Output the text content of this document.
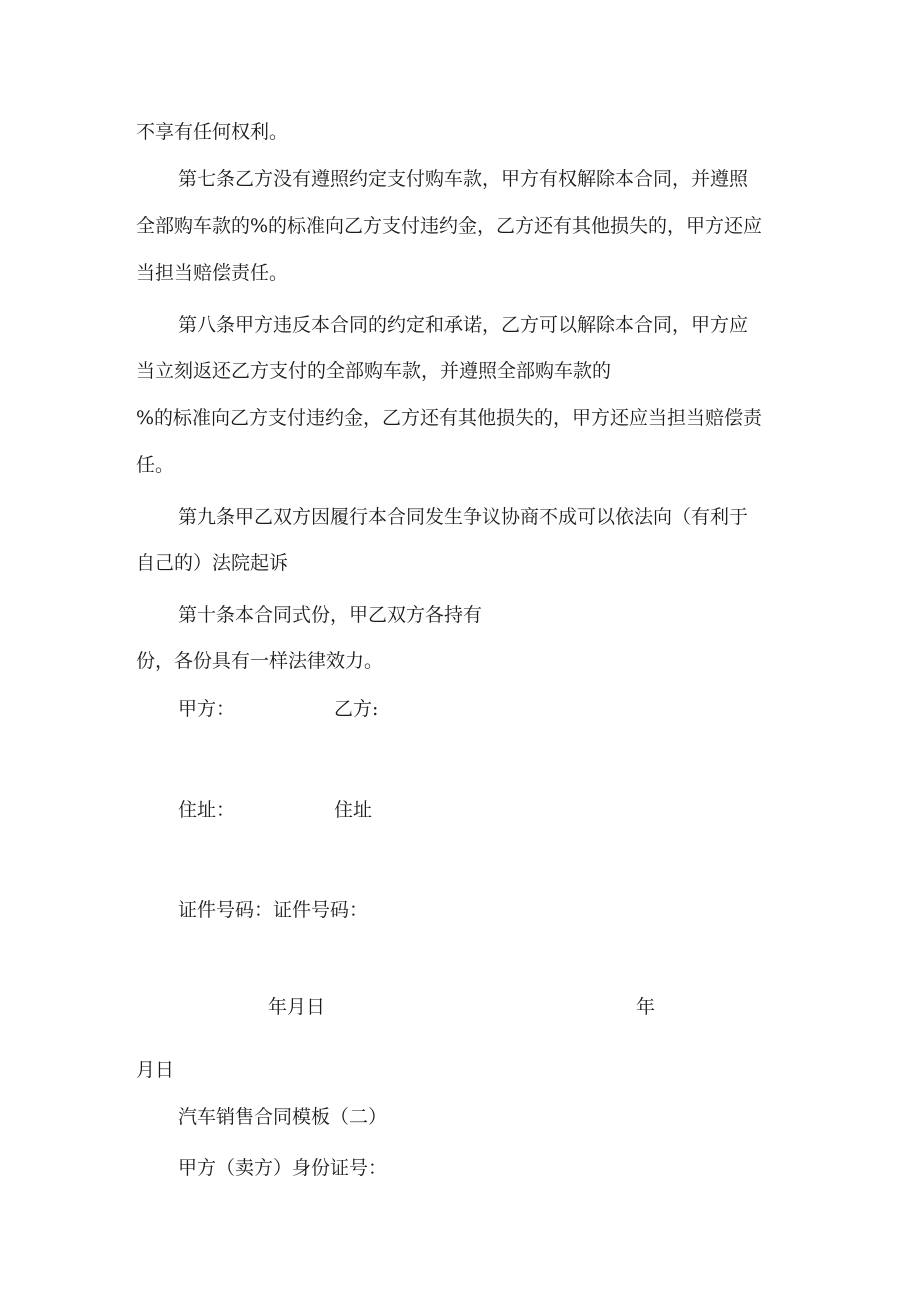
不享有任何权利。

第七条乙方没有遵照约定支付购车款，甲方有权解除本合同，并遵照

全部购车款的%的标准向乙方支付违约金，乙方还有其他损失的，甲方还应

当担当赔偿责任。

第八条甲方违反本合同的约定和承诺，乙方可以解除本合同，甲方应

当立刻返还乙方支付的全部购车款，并遵照全部购车款的

%的标准向乙方支付违约金，乙方还有其他损失的，甲方还应当担当赔偿责

任。

第九条甲乙双方因履行本合同发生争议协商不成可以依法向（有利于

自己的）法院起诉

第十条本合同式份，甲乙双方各持有

份，各份具有一样法律效力。

甲方：	乙方:

住址：	住址

证件号码：证件号码：

年月日	年

月日

汽车销售合同模板（二）

甲方（卖方）身份证号：
